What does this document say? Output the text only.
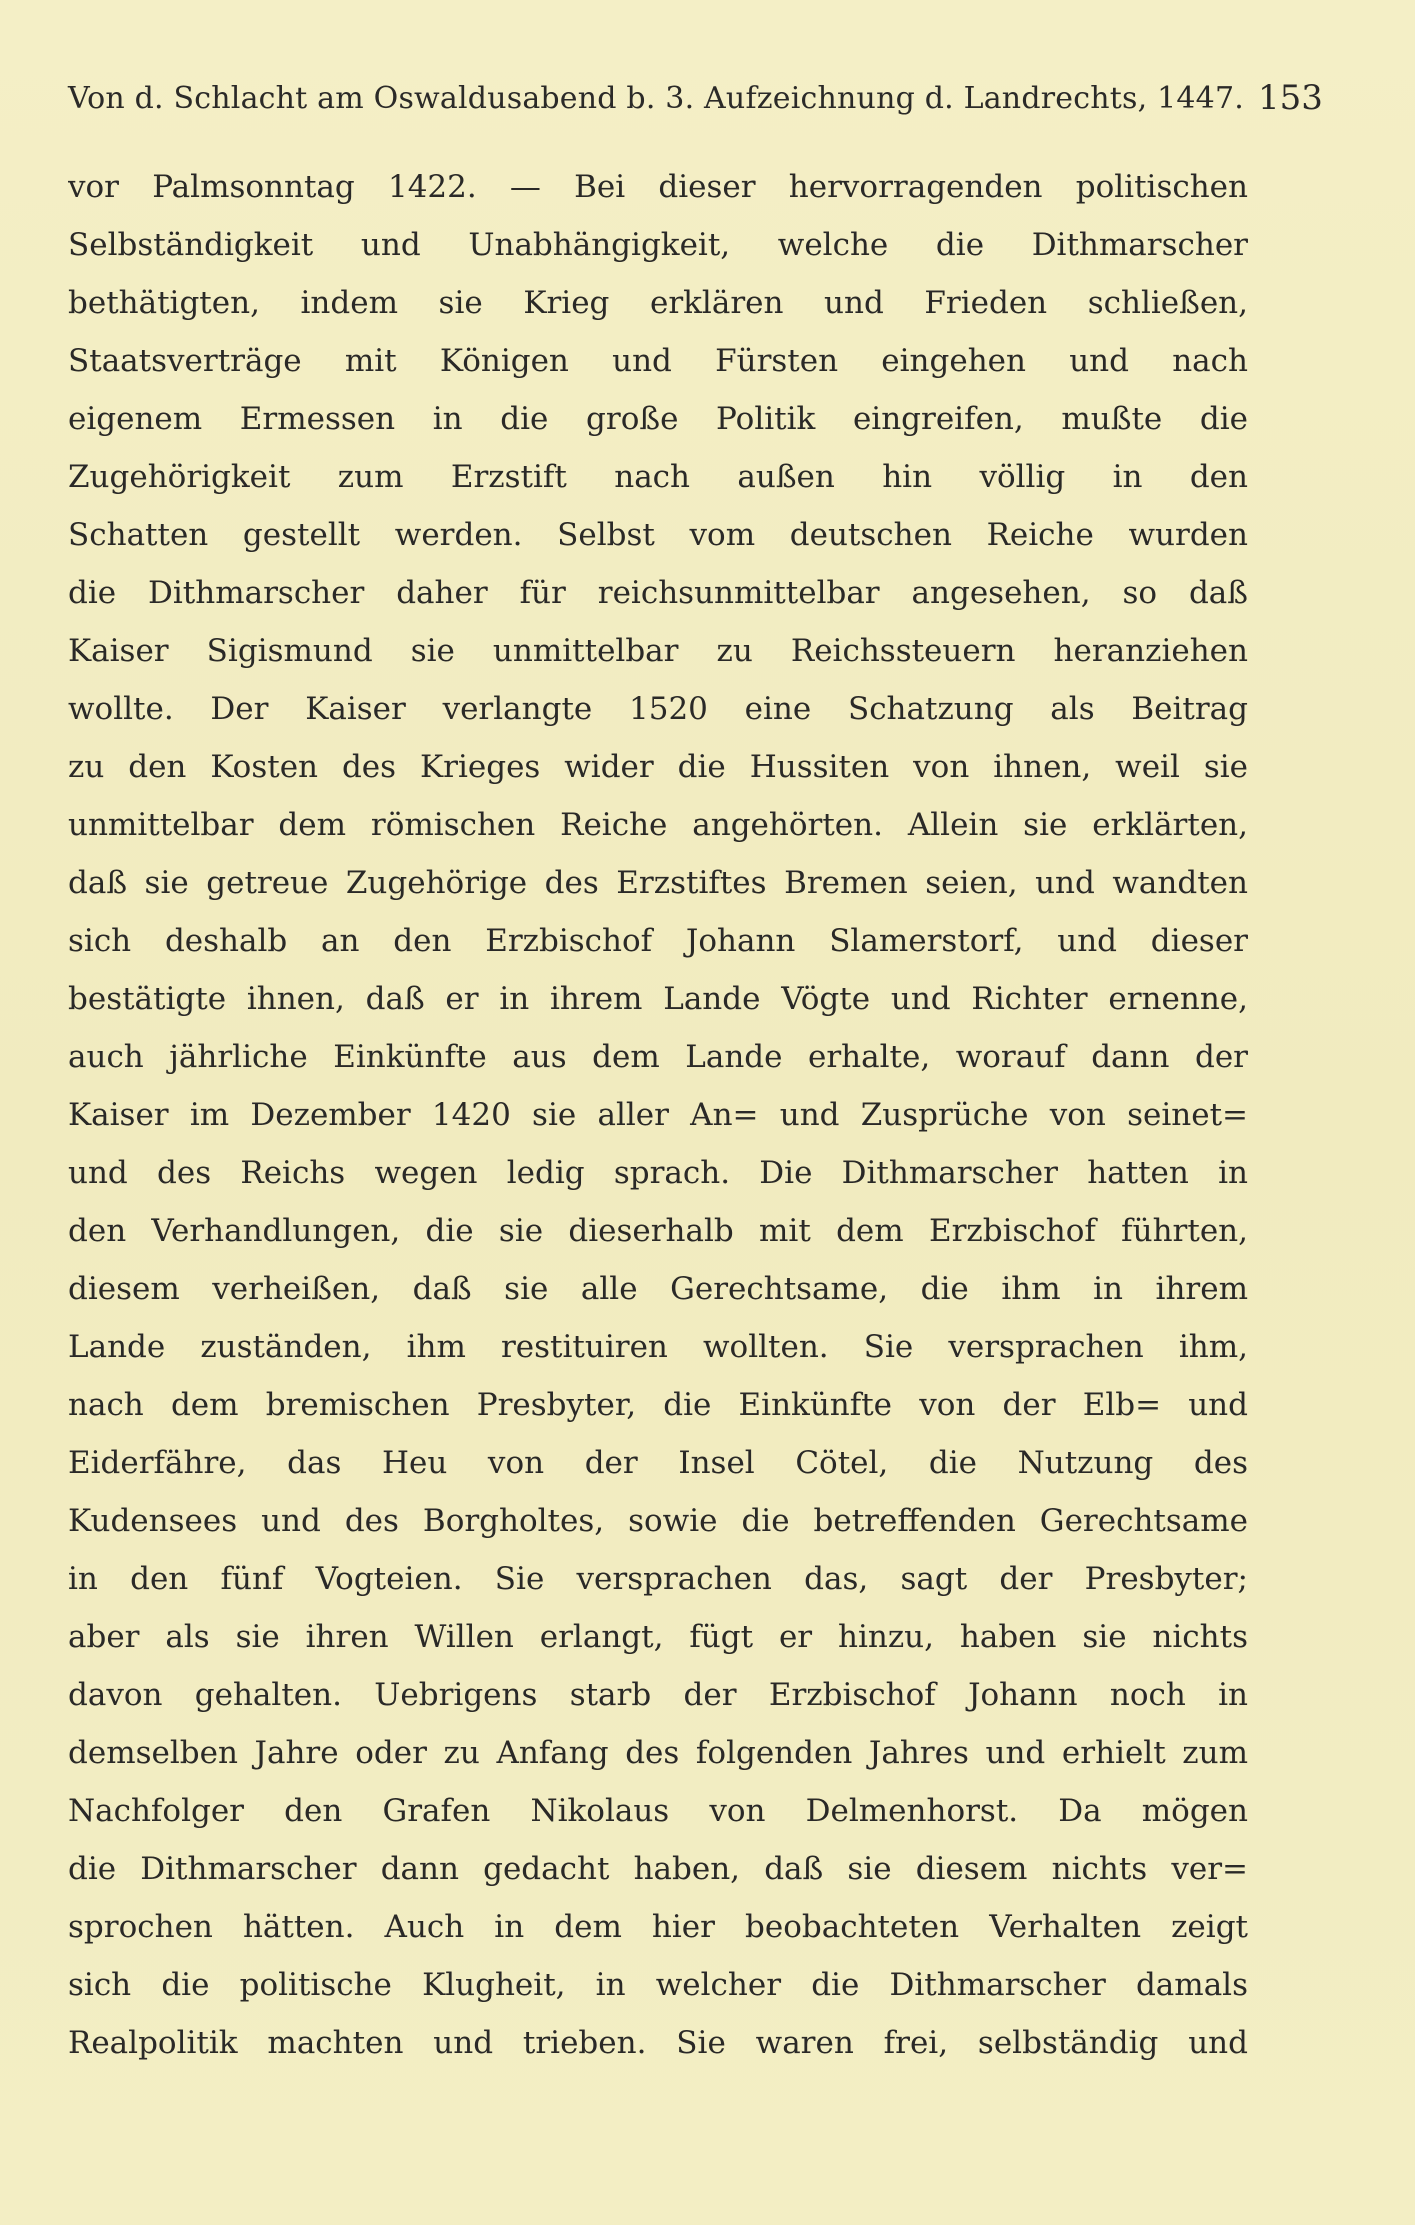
Von d. Schlacht am Oswaldusabend b. 3. Aufzeichnung d. Landrechts, 1447. 153
vor Palmsonntag 1422. — Bei dieser hervorragenden politischen
Selbständigkeit und Unabhängigkeit, welche die Dithmarscher
bethätigten, indem sie Krieg erklären und Frieden schließen,
Staatsverträge mit Königen und Fürsten eingehen und nach
eigenem Ermessen in die große Politik eingreifen, mußte die
Zugehörigkeit zum Erzstift nach außen hin völlig in den
Schatten gestellt werden. Selbst vom deutschen Reiche wurden
die Dithmarscher daher für reichsunmittelbar angesehen, so daß
Kaiser Sigismund sie unmittelbar zu Reichssteuern heranziehen
wollte. Der Kaiser verlangte 1520 eine Schatzung als Beitrag
zu den Kosten des Krieges wider die Hussiten von ihnen, weil sie
unmittelbar dem römischen Reiche angehörten. Allein sie erklärten,
daß sie getreue Zugehörige des Erzstiftes Bremen seien, und wandten
sich deshalb an den Erzbischof Johann Slamerstorf, und dieser
bestätigte ihnen, daß er in ihrem Lande Vögte und Richter ernenne,
auch jährliche Einkünfte aus dem Lande erhalte, worauf dann der
Kaiser im Dezember 1420 sie aller An= und Zusprüche von seinet=
und des Reichs wegen ledig sprach. Die Dithmarscher hatten in
den Verhandlungen, die sie dieserhalb mit dem Erzbischof führten,
diesem verheißen, daß sie alle Gerechtsame, die ihm in ihrem
Lande zuständen, ihm restituiren wollten. Sie versprachen ihm,
nach dem bremischen Presbyter, die Einkünfte von der Elb= und
Eiderfähre, das Heu von der Insel Cötel, die Nutzung des
Kudensees und des Borgholtes, sowie die betreffenden Gerechtsame
in den fünf Vogteien. Sie versprachen das, sagt der Presbyter;
aber als sie ihren Willen erlangt, fügt er hinzu, haben sie nichts
davon gehalten. Uebrigens starb der Erzbischof Johann noch in
demselben Jahre oder zu Anfang des folgenden Jahres und erhielt zum
Nachfolger den Grafen Nikolaus von Delmenhorst. Da mögen
die Dithmarscher dann gedacht haben, daß sie diesem nichts ver=
sprochen hätten. Auch in dem hier beobachteten Verhalten zeigt
sich die politische Klugheit, in welcher die Dithmarscher damals
Realpolitik machten und trieben. Sie waren frei, selbständig und
